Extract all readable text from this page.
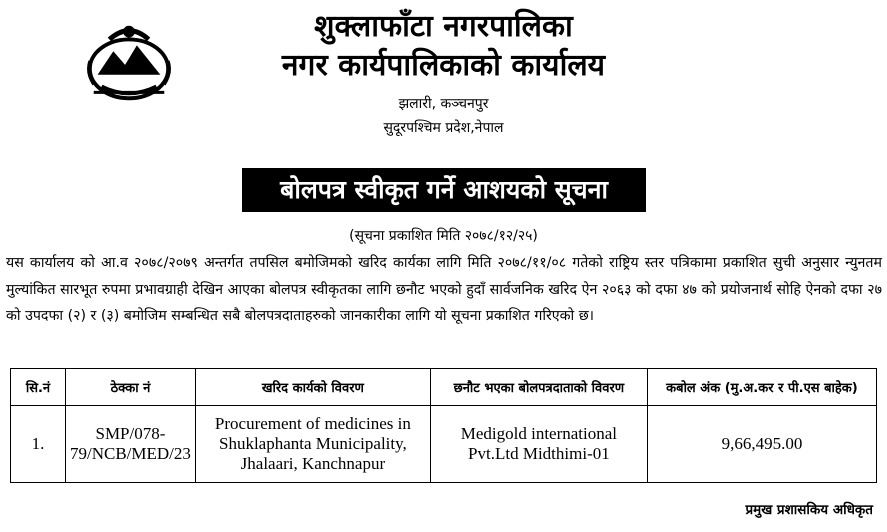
शुक्लाफाँटा नगरपालिका

नगर कार्यपालिकाको कार्यालय

झलारी, कञ्चनपुर

सुदूरपश्चिम प्रदेश,नेपाल

बोलपत्र स्वीकृत गर्ने आशयको सूचना
(सूचना प्रकाशित मिति २०७८/१२/२५)

यस कार्यालय को आ.व २०७८/२०७९ अन्तर्गत तपसिल बमोजिमको खरिद कार्यका लागि मिति २०७८/११/०८ गतेको राष्ट्रिय स्तर पत्रिकामा प्रकाशित सुची अनुसार न्युनतम मुल्यांकित सारभूत रुपमा प्रभावग्राही देखिन आएका बोलपत्र स्वीकृतका लागि छनौट भएको हुदाँ सार्वजनिक खरिद ऐन २०६३ को दफा ४७ को प्रयोजनार्थ सोहि ऐनको दफा २७ को उपदफा (२) र (३) बमोजिम सम्बन्धित सबै बोलपत्रदाताहरुको जानकारीका लागि यो सूचना प्रकाशित गरिएको छ।

सि.नं	ठेक्का नं	खरिद कार्यको विवरण	छनौट भएका बोलपत्रदाताको विवरण	कबोल अंक (मु.अ.कर र पी.एस बाहेक)
1.	SMP/078-79/NCB/MED/23	Procurement of medicines in Shuklaphanta Municipality, Jhalaari, Kanchnapur	Medigold international Pvt.Ltd Midthimi-01	9,66,495.00
प्रमुख प्रशासकिय अधिकृत
